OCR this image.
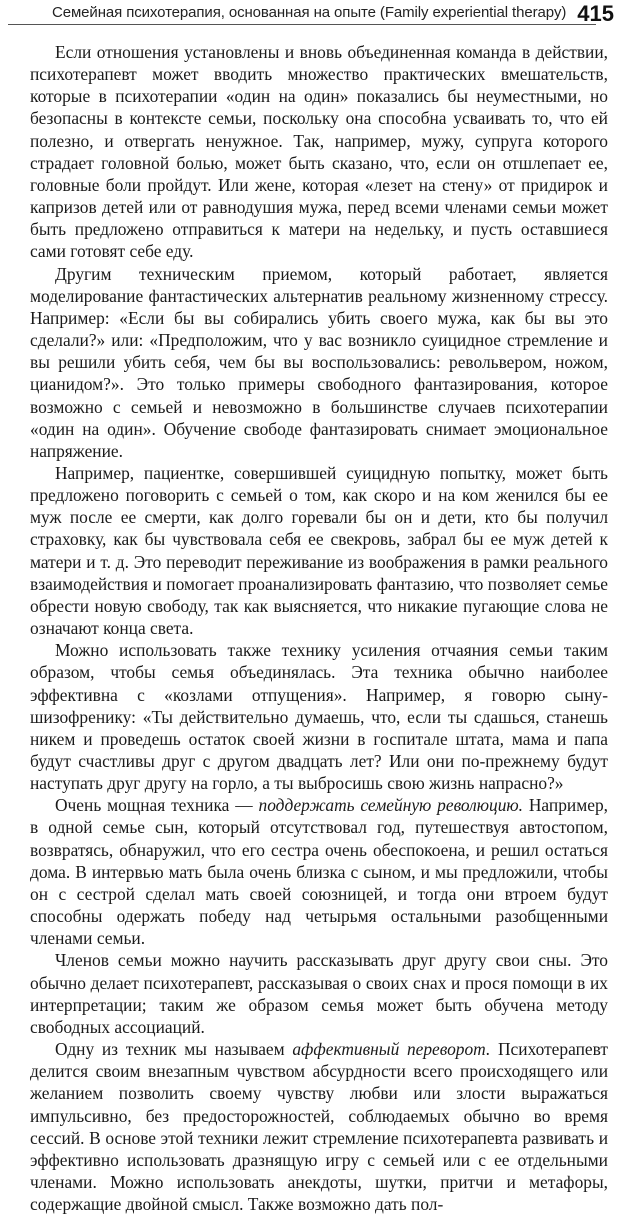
Семейная психотерапия, основанная на опыте (Family experiential therapy) 415

Если отношения установлены и вновь объединенная команда в действии, психотерапевт может вводить множество практических вмешательств, которые в психотерапии «один на один» показались бы неуместными, но безопасны в контексте семьи, поскольку она способна усваивать то, что ей полезно, и отвергать ненужное. Так, например, мужу, супруга которого страдает головной болью, может быть сказано, что, если он отшлепает ее, головные боли пройдут. Или жене, которая «лезет на стену» от придирок и капризов детей или от равнодушия мужа, перед всеми членами семьи может быть предложено отправиться к матери на недельку, и пусть оставшиеся сами готовят себе еду.

Другим техническим приемом, который работает, является моделирование фантастических альтернатив реальному жизненному стрессу. Например: «Если бы вы собирались убить своего мужа, как бы вы это сделали?» или: «Предположим, что у вас возникло суицидное стремление и вы решили убить себя, чем бы вы воспользовались: револьвером, ножом, цианидом?». Это только примеры свободного фантазирования, которое возможно с семьей и невозможно в большинстве случаев психотерапии «один на один». Обучение свободе фантазировать снимает эмоциональное напряжение.

Например, пациентке, совершившей суицидную попытку, может быть предложено поговорить с семьей о том, как скоро и на ком женился бы ее муж после ее смерти, как долго горевали бы он и дети, кто бы получил страховку, как бы чувствовала себя ее свекровь, забрал бы ее муж детей к матери и т. д. Это переводит переживание из воображения в рамки реального взаимодействия и помогает проанализировать фантазию, что позволяет семье обрести новую свободу, так как выясняется, что никакие пугающие слова не означают конца света.

Можно использовать также технику усиления отчаяния семьи таким образом, чтобы семья объединялась. Эта техника обычно наиболее эффективна с «козлами отпущения». Например, я говорю сыну-шизофренику: «Ты действительно думаешь, что, если ты сдашься, станешь никем и проведешь остаток своей жизни в госпитале штата, мама и папа будут счастливы друг с другом двадцать лет? Или они по-прежнему будут наступать друг другу на горло, а ты выбросишь свою жизнь напрасно?»

Очень мощная техника — поддержать семейную революцию. Например, в одной семье сын, который отсутствовал год, путешествуя автостопом, возвратясь, обнаружил, что его сестра очень обеспокоена, и решил остаться дома. В интервью мать была очень близка с сыном, и мы предложили, чтобы он с сестрой сделал мать своей союзницей, и тогда они втроем будут способны одержать победу над четырьмя остальными разобщенными членами семьи.

Членов семьи можно научить рассказывать друг другу свои сны. Это обычно делает психотерапевт, рассказывая о своих снах и прося помощи в их интерпретации; таким же образом семья может быть обучена методу свободных ассоциаций.

Одну из техник мы называем аффективный переворот. Психотерапевт делится своим внезапным чувством абсурдности всего происходящего или желанием позволить своему чувству любви или злости выражаться импульсивно, без предосторожностей, соблюдаемых обычно во время сессий. В основе этой техники лежит стремление психотерапевта развивать и эффективно использовать дразнящую игру с семьей или с ее отдельными членами. Можно использовать анекдоты, шутки, притчи и метафоры, содержащие двойной смысл. Также возможно дать пол-
